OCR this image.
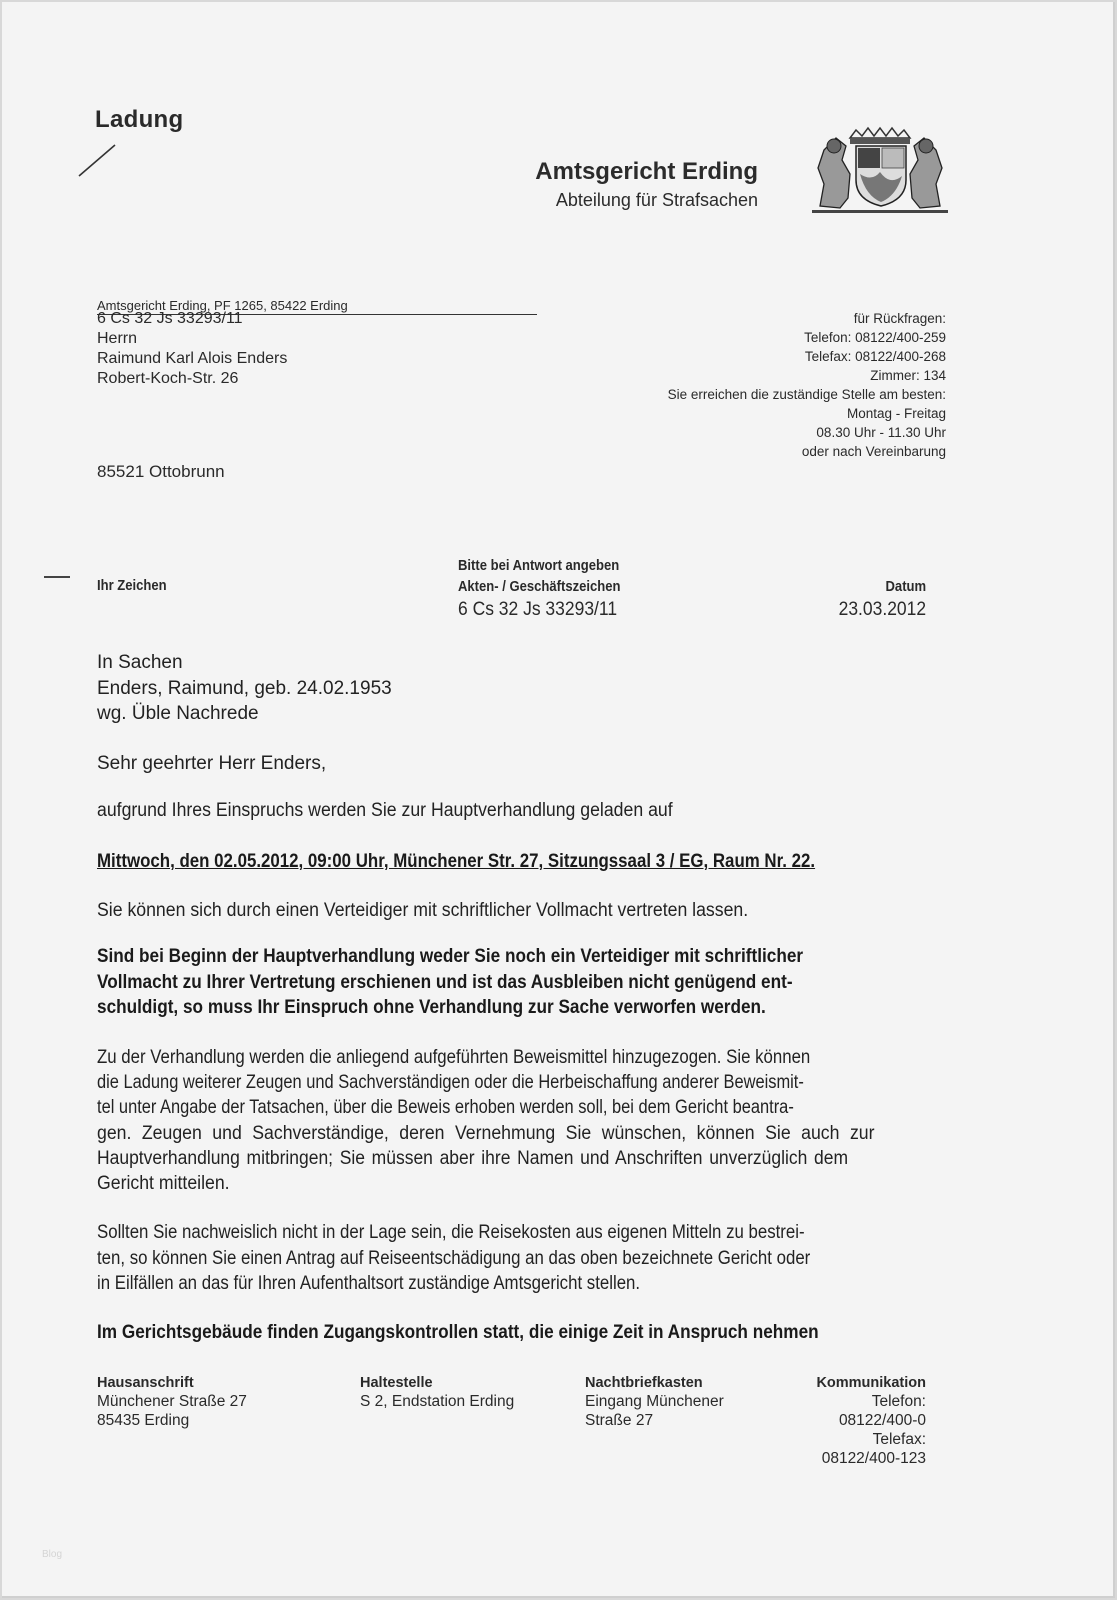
Ladung
Amtsgericht Erding
Abteilung für Strafsachen
Amtsgericht Erding, PF 1265, 85422 Erding
6 Cs 32 Js 33293/11
Herrn
Raimund Karl Alois Enders
Robert-Koch-Str. 26
85521 Ottobrunn
für Rückfragen:
Telefon: 08122/400-259
Telefax: 08122/400-268
Zimmer: 134
Sie erreichen die zuständige Stelle am besten:
Montag - Freitag
08.30 Uhr - 11.30 Uhr
oder nach Vereinbarung
Ihr Zeichen
Bitte bei Antwort angeben
Akten- / Geschäftszeichen
6 Cs 32 Js 33293/11
Datum
23.03.2012
In Sachen
Enders, Raimund, geb. 24.02.1953
wg. Üble Nachrede
Sehr geehrter Herr Enders,
aufgrund Ihres Einspruchs werden Sie zur Hauptverhandlung geladen auf
Mittwoch, den 02.05.2012, 09:00 Uhr, Münchener Str. 27, Sitzungssaal 3 / EG, Raum Nr. 22.
Sie können sich durch einen Verteidiger mit schriftlicher Vollmacht vertreten lassen.
Sind bei Beginn der Hauptverhandlung weder Sie noch ein Verteidiger mit schriftlicher
Vollmacht zu Ihrer Vertretung erschienen und ist das Ausbleiben nicht genügend ent-
schuldigt, so muss Ihr Einspruch ohne Verhandlung zur Sache verworfen werden.
Zu der Verhandlung werden die anliegend aufgeführten Beweismittel hinzugezogen. Sie können
die Ladung weiterer Zeugen und Sachverständigen oder die Herbeischaffung anderer Beweismit-
tel unter Angabe der Tatsachen, über die Beweis erhoben werden soll, bei dem Gericht beantra-
gen. Zeugen und Sachverständige, deren Vernehmung Sie wünschen, können Sie auch zur
Hauptverhandlung mitbringen; Sie müssen aber ihre Namen und Anschriften unverzüglich dem
Gericht mitteilen.
Sollten Sie nachweislich nicht in der Lage sein, die Reisekosten aus eigenen Mitteln zu bestrei-
ten, so können Sie einen Antrag auf Reiseentschädigung an das oben bezeichnete Gericht oder
in Eilfällen an das für Ihren Aufenthaltsort zuständige Amtsgericht stellen.
Im Gerichtsgebäude finden Zugangskontrollen statt, die einige Zeit in Anspruch nehmen
Hausanschrift
Münchener Straße 27
85435 Erding
Haltestelle
S 2, Endstation Erding
Nachtbriefkasten
Eingang Münchener
Straße 27
Kommunikation
Telefon:
08122/400-0
Telefax:
08122/400-123
Blog
